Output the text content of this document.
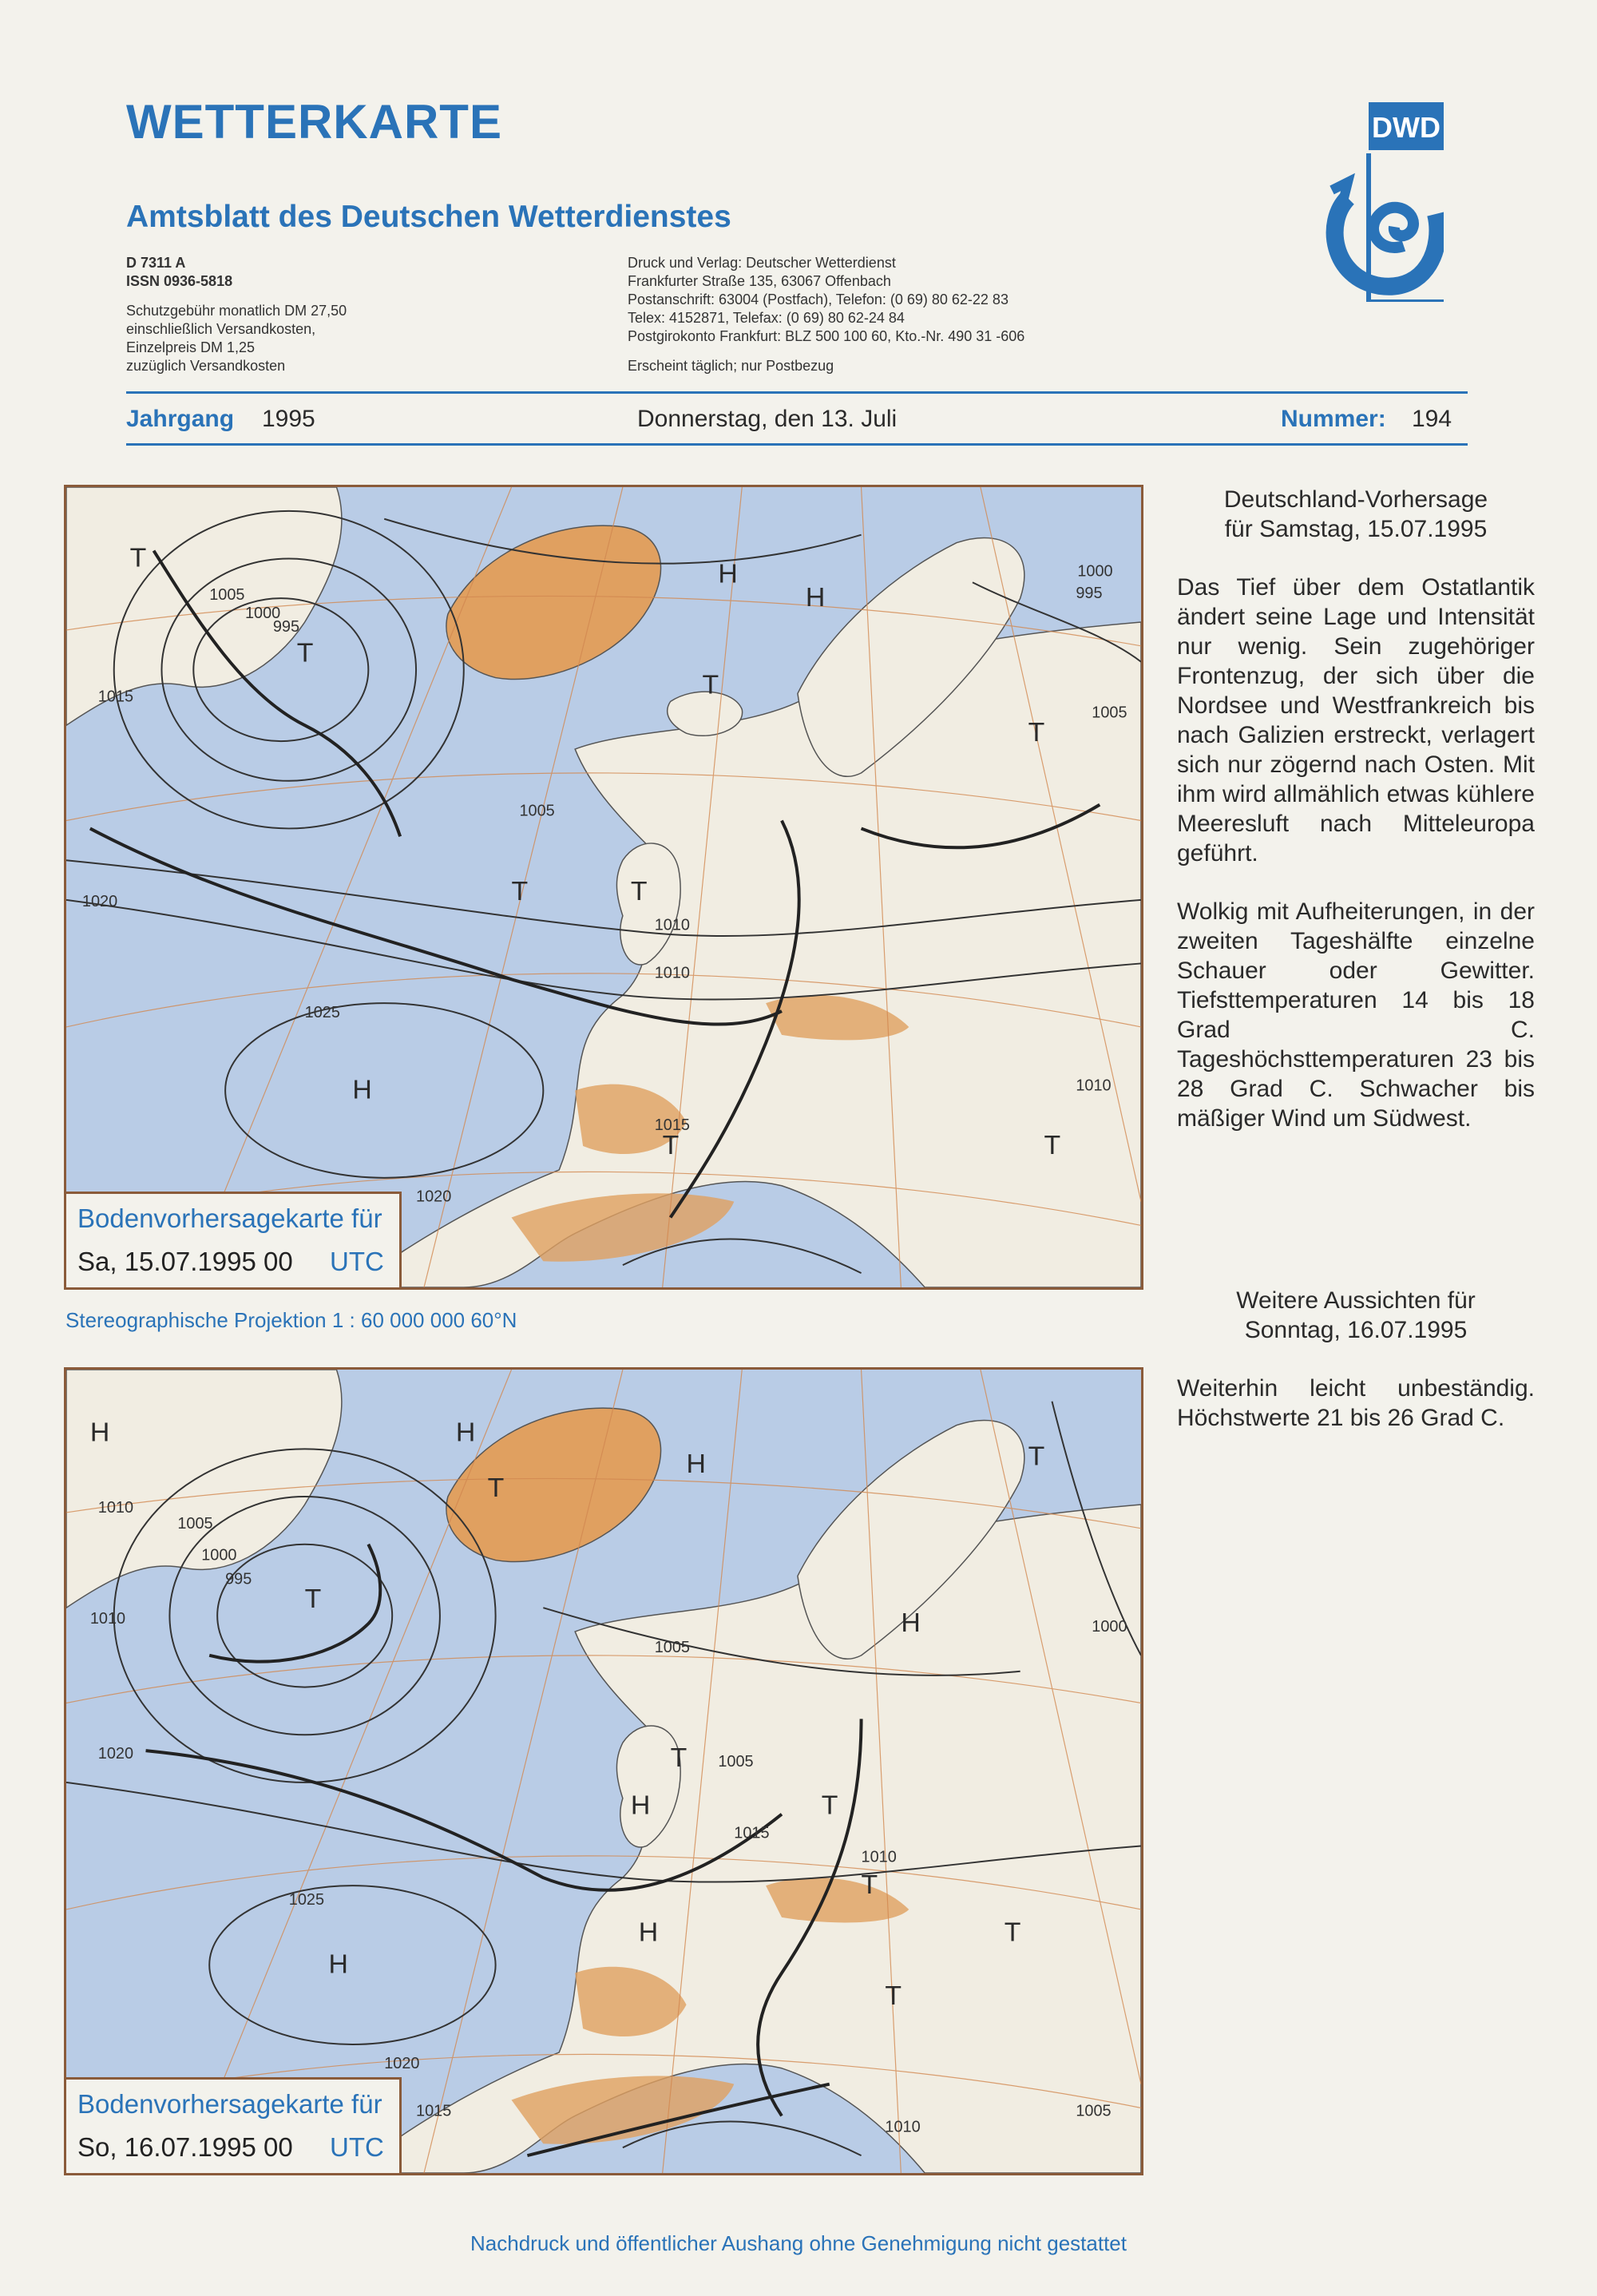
WETTERKARTE
Amtsblatt des Deutschen Wetterdienstes
D 7311 A
ISSN 0936-5818
Schutzgebühr monatlich DM 27,50
einschließlich Versandkosten,
Einzelpreis DM 1,25
zuzüglich Versandkosten
Druck und Verlag: Deutscher Wetterdienst
Frankfurter Straße 135, 63067 Offenbach
Postanschrift: 63004 (Postfach), Telefon: (0 69) 80 62-22 83
Telex: 4152871, Telefax: (0 69) 80 62-24 84
Postgirokonto Frankfurt: BLZ 500 100 60, Kto.-Nr. 490 31 -606
Erscheint täglich; nur Postbezug
DWD
Jahrgang 1995	Donnerstag, den 13. Juli	Nummer: 194
1005
1000
995
1015
1020
1025
1010
995
1005
1000
1005
1010
1015
1010
1020
T
T
H
H
T	T
T
H
T
T
T
Bodenvorhersagekarte für
Sa, 15.07.1995 00 UTC
Stereographische Projektion 1 : 60 000 000 60°N
1010
1005
1000
995
1010
1020
1025
1005
1005
1015
1010
1000
1020
1015
1010
1005
H	H
T
H
T
H
T
H	T
H
T
T
H
T
T
Bodenvorhersagekarte für
So, 16.07.1995 00 UTC
Deutschland-Vorhersage
für Samstag, 15.07.1995

Das Tief über dem Ostatlantik ändert seine Lage und Intensität nur wenig. Sein zugehöriger Frontenzug, der sich über die Nordsee und Westfrankreich bis nach Galizien erstreckt, verlagert sich nur zögernd nach Osten. Mit ihm wird allmählich etwas kühlere Meeresluft nach Mitteleuropa geführt.

Wolkig mit Aufheiterungen, in der zweiten Tageshälfte einzelne Schauer oder Gewitter. Tiefsttemperaturen 14 bis 18 Grad C. Tageshöchsttemperaturen 23 bis 28 Grad C. Schwacher bis mäßiger Wind um Südwest.

Weitere Aussichten für
Sonntag, 16.07.1995

Weiterhin leicht unbeständig. Höchstwerte 21 bis 26 Grad C.

Nachdruck und öffentlicher Aushang ohne Genehmigung nicht gestattet
